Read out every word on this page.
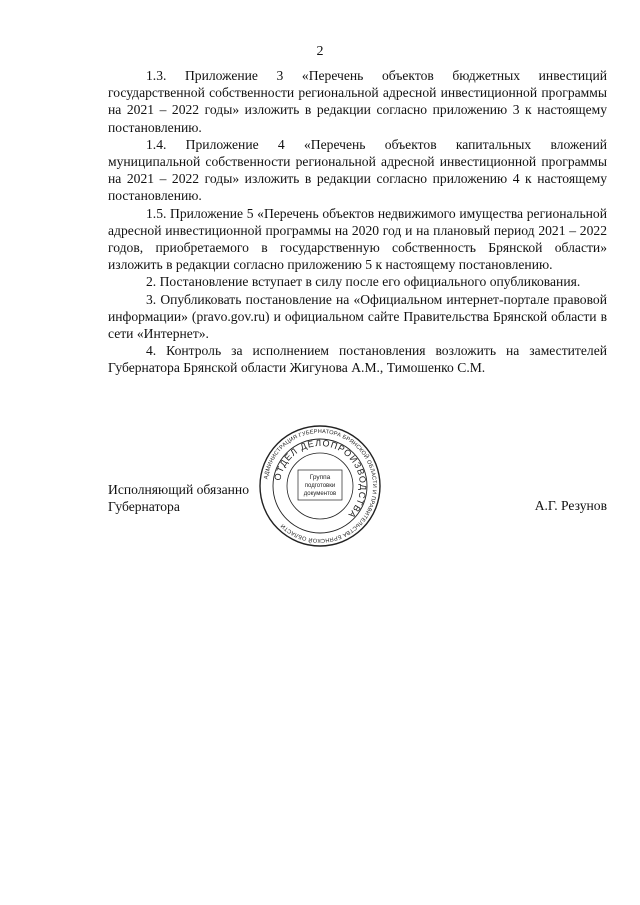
2

1.3. Приложение 3 «Перечень объектов бюджетных инвестиций государственной собственности региональной адресной инвестиционной программы на 2021 – 2022 годы» изложить в редакции согласно приложению 3 к настоящему постановлению.

1.4. Приложение 4 «Перечень объектов капитальных вложений муниципальной собственности региональной адресной инвестиционной программы на 2021 – 2022 годы» изложить в редакции согласно приложению 4 к настоящему постановлению.

1.5. Приложение 5 «Перечень объектов недвижимого имущества региональной адресной инвестиционной программы на 2020 год и на плановый период 2021 – 2022 годов, приобретаемого в государственную собственность Брянской области» изложить в редакции согласно приложению 5 к настоящему постановлению.

2. Постановление вступает в силу после его официального опубликования.

3. Опубликовать постановление на «Официальном интернет-портале правовой информации» (pravo.gov.ru) и официальном сайте Правительства Брянской области в сети «Интернет».

4. Контроль за исполнением постановления возложить на заместителей Губернатора Брянской области Жигунова А.М., Тимошенко С.М.

Исполняющий обязанно
Губернатора	А.Г. Резунов
АДМИНИСТРАЦИЯ ГУБЕРНАТОРА БРЯНСКОЙ ОБЛАСТИ И ПРАВИТЕЛЬСТВА БРЯНСКОЙ ОБЛАСТИ
ОТДЕЛ ДЕЛОПРОИЗВОДСТВА
Группа
подготовки
документов
